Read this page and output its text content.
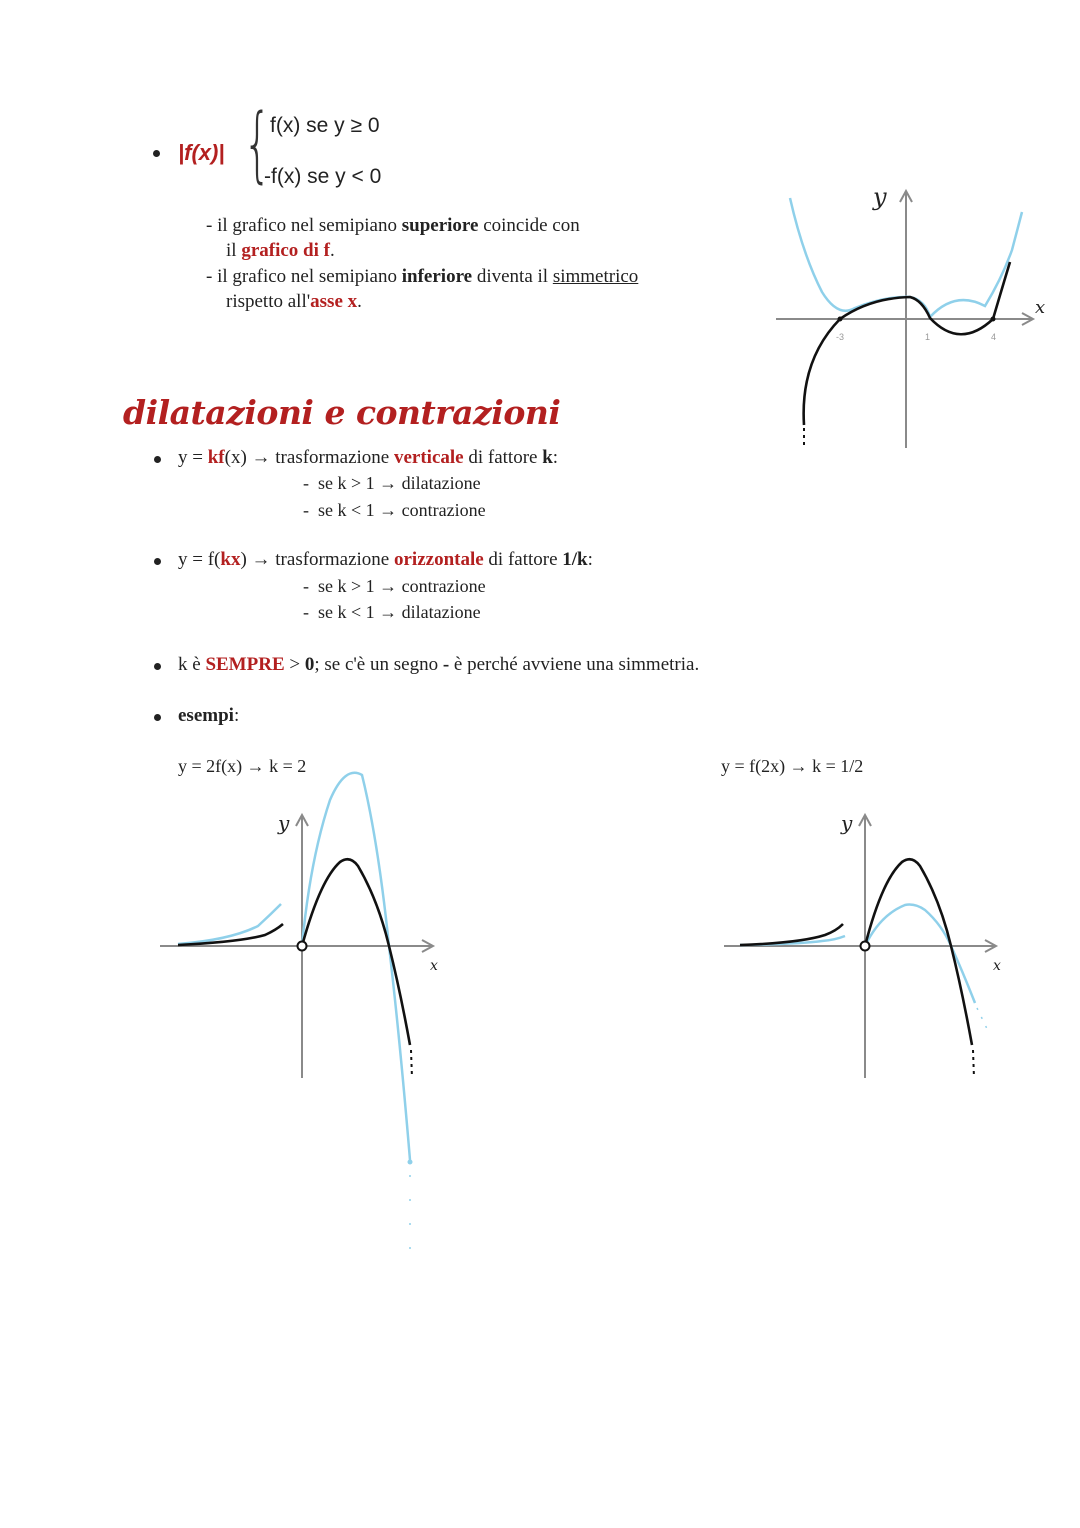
|f(x)| {
f(x) se y ≥ 0
-f(x) se y < 0
- il grafico nel semipiano superiore coincide con
il grafico di f.
- il grafico nel semipiano inferiore diventa il simmetrico
rispetto all'asse x.
-3	1	4
y
x
dilatazioni e contrazioni
y = kf(x) → trasformazione verticale di fattore k:
-  se k > 1 → dilatazione
-  se k < 1 → contrazione
y = f(kx) → trasformazione orizzontale di fattore 1/k:
-  se k > 1 → contrazione
-  se k < 1 → dilatazione
k è SEMPRE > 0; se c'è un segno - è perché avviene una simmetria.
esempi:
y = 2f(x) → k = 2	y = f(2x) → k = 1/2
y
x
y
x
